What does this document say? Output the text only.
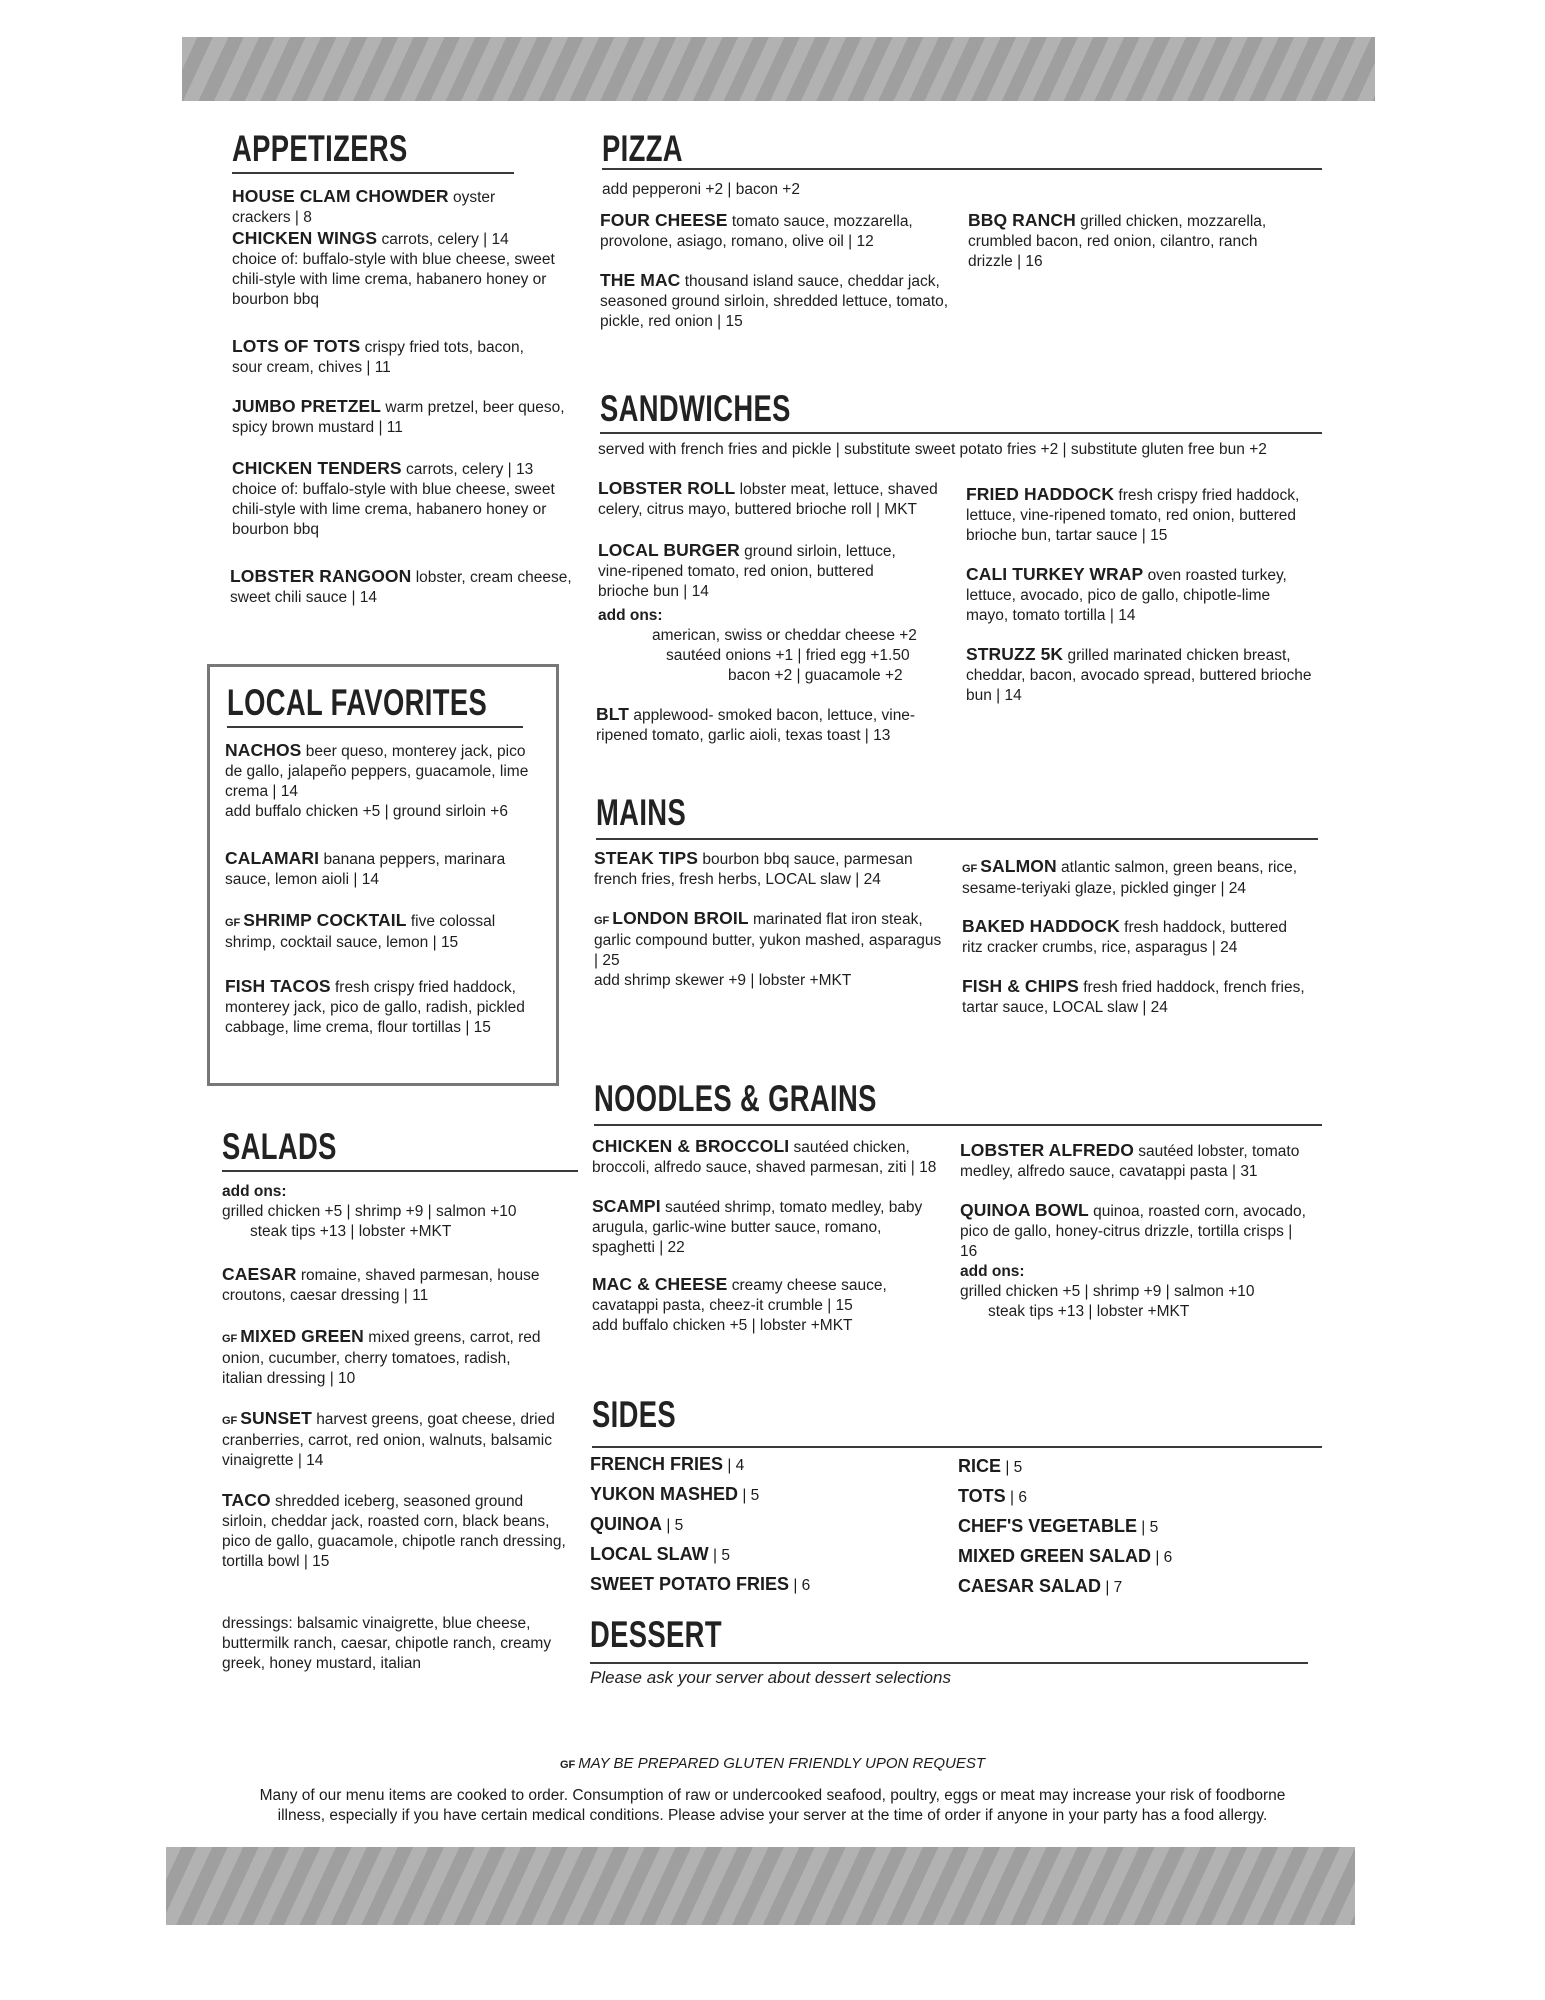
APPETIZERS
HOUSE CLAM CHOWDER oyster crackers | 8
CHICKEN WINGS carrots, celery | 14
choice of: buffalo-style with blue cheese, sweet chili-style with lime crema, habanero honey or bourbon bbq
LOTS OF TOTS crispy fried tots, bacon, sour cream, chives | 11
JUMBO PRETZEL warm pretzel, beer queso, spicy brown mustard | 11
CHICKEN TENDERS carrots, celery | 13
choice of: buffalo-style with blue cheese, sweet chili-style with lime crema, habanero honey or bourbon bbq
LOBSTER RANGOON lobster, cream cheese, sweet chili sauce | 14
LOCAL FAVORITES
NACHOS beer queso, monterey jack, pico de gallo, jalapeño peppers, guacamole, lime crema | 14
add buffalo chicken +5 | ground sirloin +6
CALAMARI banana peppers, marinara sauce, lemon aioli | 14
GF SHRIMP COCKTAIL five colossal shrimp, cocktail sauce, lemon | 15
FISH TACOS fresh crispy fried haddock, monterey jack, pico de gallo, radish, pickled cabbage, lime crema, flour tortillas | 15
SALADS
add ons:
grilled chicken +5 | shrimp +9 | salmon +10
steak tips +13 | lobster +MKT
CAESAR romaine, shaved parmesan, house croutons, caesar dressing | 11
GF MIXED GREEN mixed greens, carrot, red onion, cucumber, cherry tomatoes, radish, italian dressing | 10
GF SUNSET harvest greens, goat cheese, dried cranberries, carrot, red onion, walnuts, balsamic vinaigrette | 14
TACO shredded iceberg, seasoned ground sirloin, cheddar jack, roasted corn, black beans, pico de gallo, guacamole, chipotle ranch dressing, tortilla bowl | 15
dressings: balsamic vinaigrette, blue cheese, buttermilk ranch, caesar, chipotle ranch, creamy greek, honey mustard, italian
PIZZA
add pepperoni +2 | bacon +2
FOUR CHEESE tomato sauce, mozzarella, provolone, asiago, romano, olive oil | 12
THE MAC thousand island sauce, cheddar jack, seasoned ground sirloin, shredded lettuce, tomato, pickle, red onion | 15
BBQ RANCH grilled chicken, mozzarella, crumbled bacon, red onion, cilantro, ranch drizzle | 16
SANDWICHES
served with french fries and pickle | substitute sweet potato fries +2 | substitute gluten free bun +2
LOBSTER ROLL lobster meat, lettuce, shaved celery, citrus mayo, buttered brioche roll | MKT
LOCAL BURGER ground sirloin, lettuce, vine-ripened tomato, red onion, buttered brioche bun | 14
add ons:
american, swiss or cheddar cheese +2
sautéed onions +1 | fried egg +1.50
bacon +2 | guacamole +2
BLT applewood- smoked bacon, lettuce, vine-ripened tomato, garlic aioli, texas toast | 13
FRIED HADDOCK fresh crispy fried haddock, lettuce, vine-ripened tomato, red onion, buttered brioche bun, tartar sauce | 15
CALI TURKEY WRAP oven roasted turkey, lettuce, avocado, pico de gallo, chipotle-lime mayo, tomato tortilla | 14
STRUZZ 5K grilled marinated chicken breast, cheddar, bacon, avocado spread, buttered brioche bun | 14
MAINS
STEAK TIPS bourbon bbq sauce, parmesan french fries, fresh herbs, LOCAL slaw | 24
GF LONDON BROIL marinated flat iron steak, garlic compound butter, yukon mashed, asparagus | 25
add shrimp skewer +9 | lobster +MKT
GF SALMON atlantic salmon, green beans, rice, sesame-teriyaki glaze, pickled ginger | 24
BAKED HADDOCK fresh haddock, buttered ritz cracker crumbs, rice, asparagus | 24
FISH & CHIPS fresh fried haddock, french fries, tartar sauce, LOCAL slaw | 24
NOODLES & GRAINS
CHICKEN & BROCCOLI sautéed chicken, broccoli, alfredo sauce, shaved parmesan, ziti | 18
SCAMPI sautéed shrimp, tomato medley, baby arugula, garlic-wine butter sauce, romano, spaghetti | 22
MAC & CHEESE creamy cheese sauce, cavatappi pasta, cheez-it crumble | 15
add buffalo chicken +5 | lobster +MKT
LOBSTER ALFREDO sautéed lobster, tomato medley, alfredo sauce, cavatappi pasta | 31
QUINOA BOWL quinoa, roasted corn, avocado, pico de gallo, honey-citrus drizzle, tortilla crisps | 16
add ons:
grilled chicken +5 | shrimp +9 | salmon +10
steak tips +13 | lobster +MKT
SIDES
FRENCH FRIES | 4
YUKON MASHED | 5
QUINOA | 5
LOCAL SLAW | 5
SWEET POTATO FRIES | 6
RICE | 5
TOTS | 6
CHEF'S VEGETABLE | 5
MIXED GREEN SALAD | 6
CAESAR SALAD | 7
DESSERT
Please ask your server about dessert selections
GF MAY BE PREPARED GLUTEN FRIENDLY UPON REQUEST
Many of our menu items are cooked to order. Consumption of raw or undercooked seafood, poultry, eggs or meat may increase your risk of foodborne
illness, especially if you have certain medical conditions. Please advise your server at the time of order if anyone in your party has a food allergy.
